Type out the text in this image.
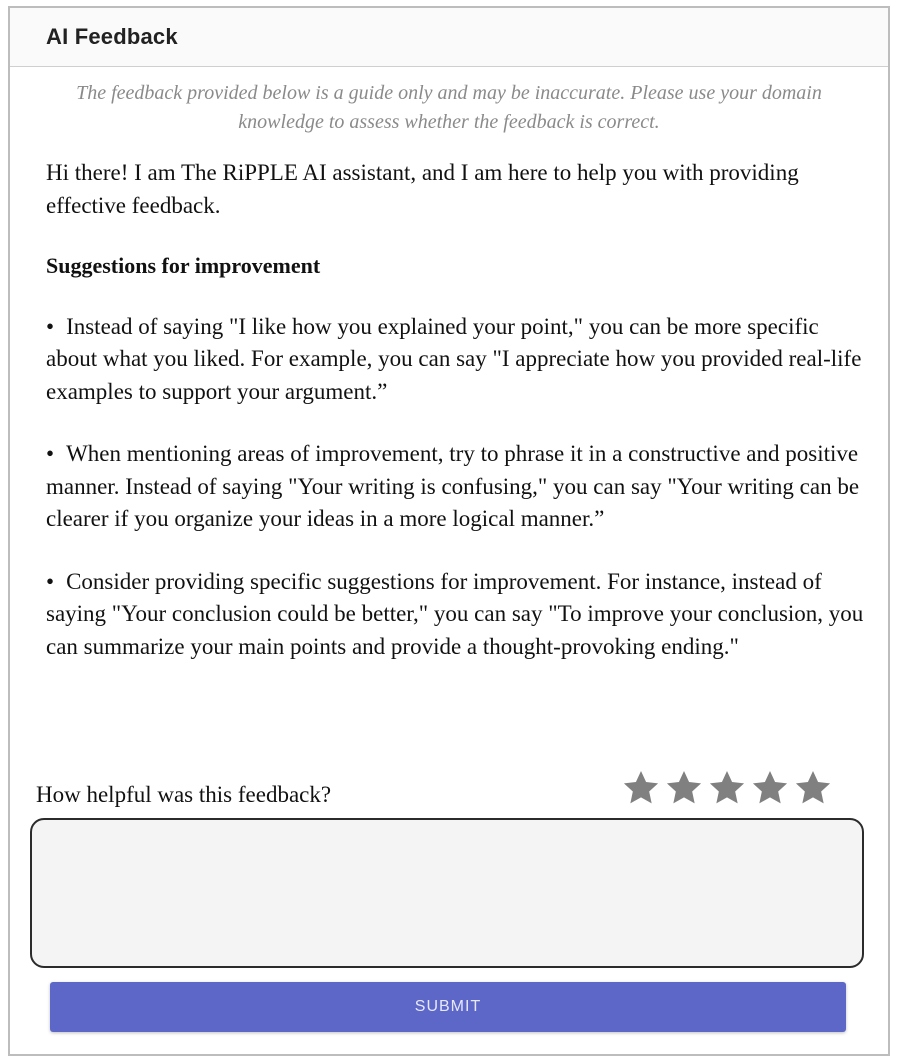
AI Feedback
The feedback provided below is a guide only and may be inaccurate. Please use your domain knowledge to assess whether the feedback is correct.

Hi there! I am The RiPPLE AI assistant, and I am here to help you with providing effective feedback.

Suggestions for improvement

• Instead of saying "I like how you explained your point," you can be more specific about what you liked. For example, you can say "I appreciate how you provided real-life examples to support your argument.”

• When mentioning areas of improvement, try to phrase it in a constructive and positive manner. Instead of saying "Your writing is confusing," you can say "Your writing can be clearer if you organize your ideas in a more logical manner.”

• Consider providing specific suggestions for improvement. For instance, instead of saying "Your conclusion could be better," you can say "To improve your conclusion, you can summarize your main points and provide a thought-provoking ending."

How helpful was this feedback?
SUBMIT
